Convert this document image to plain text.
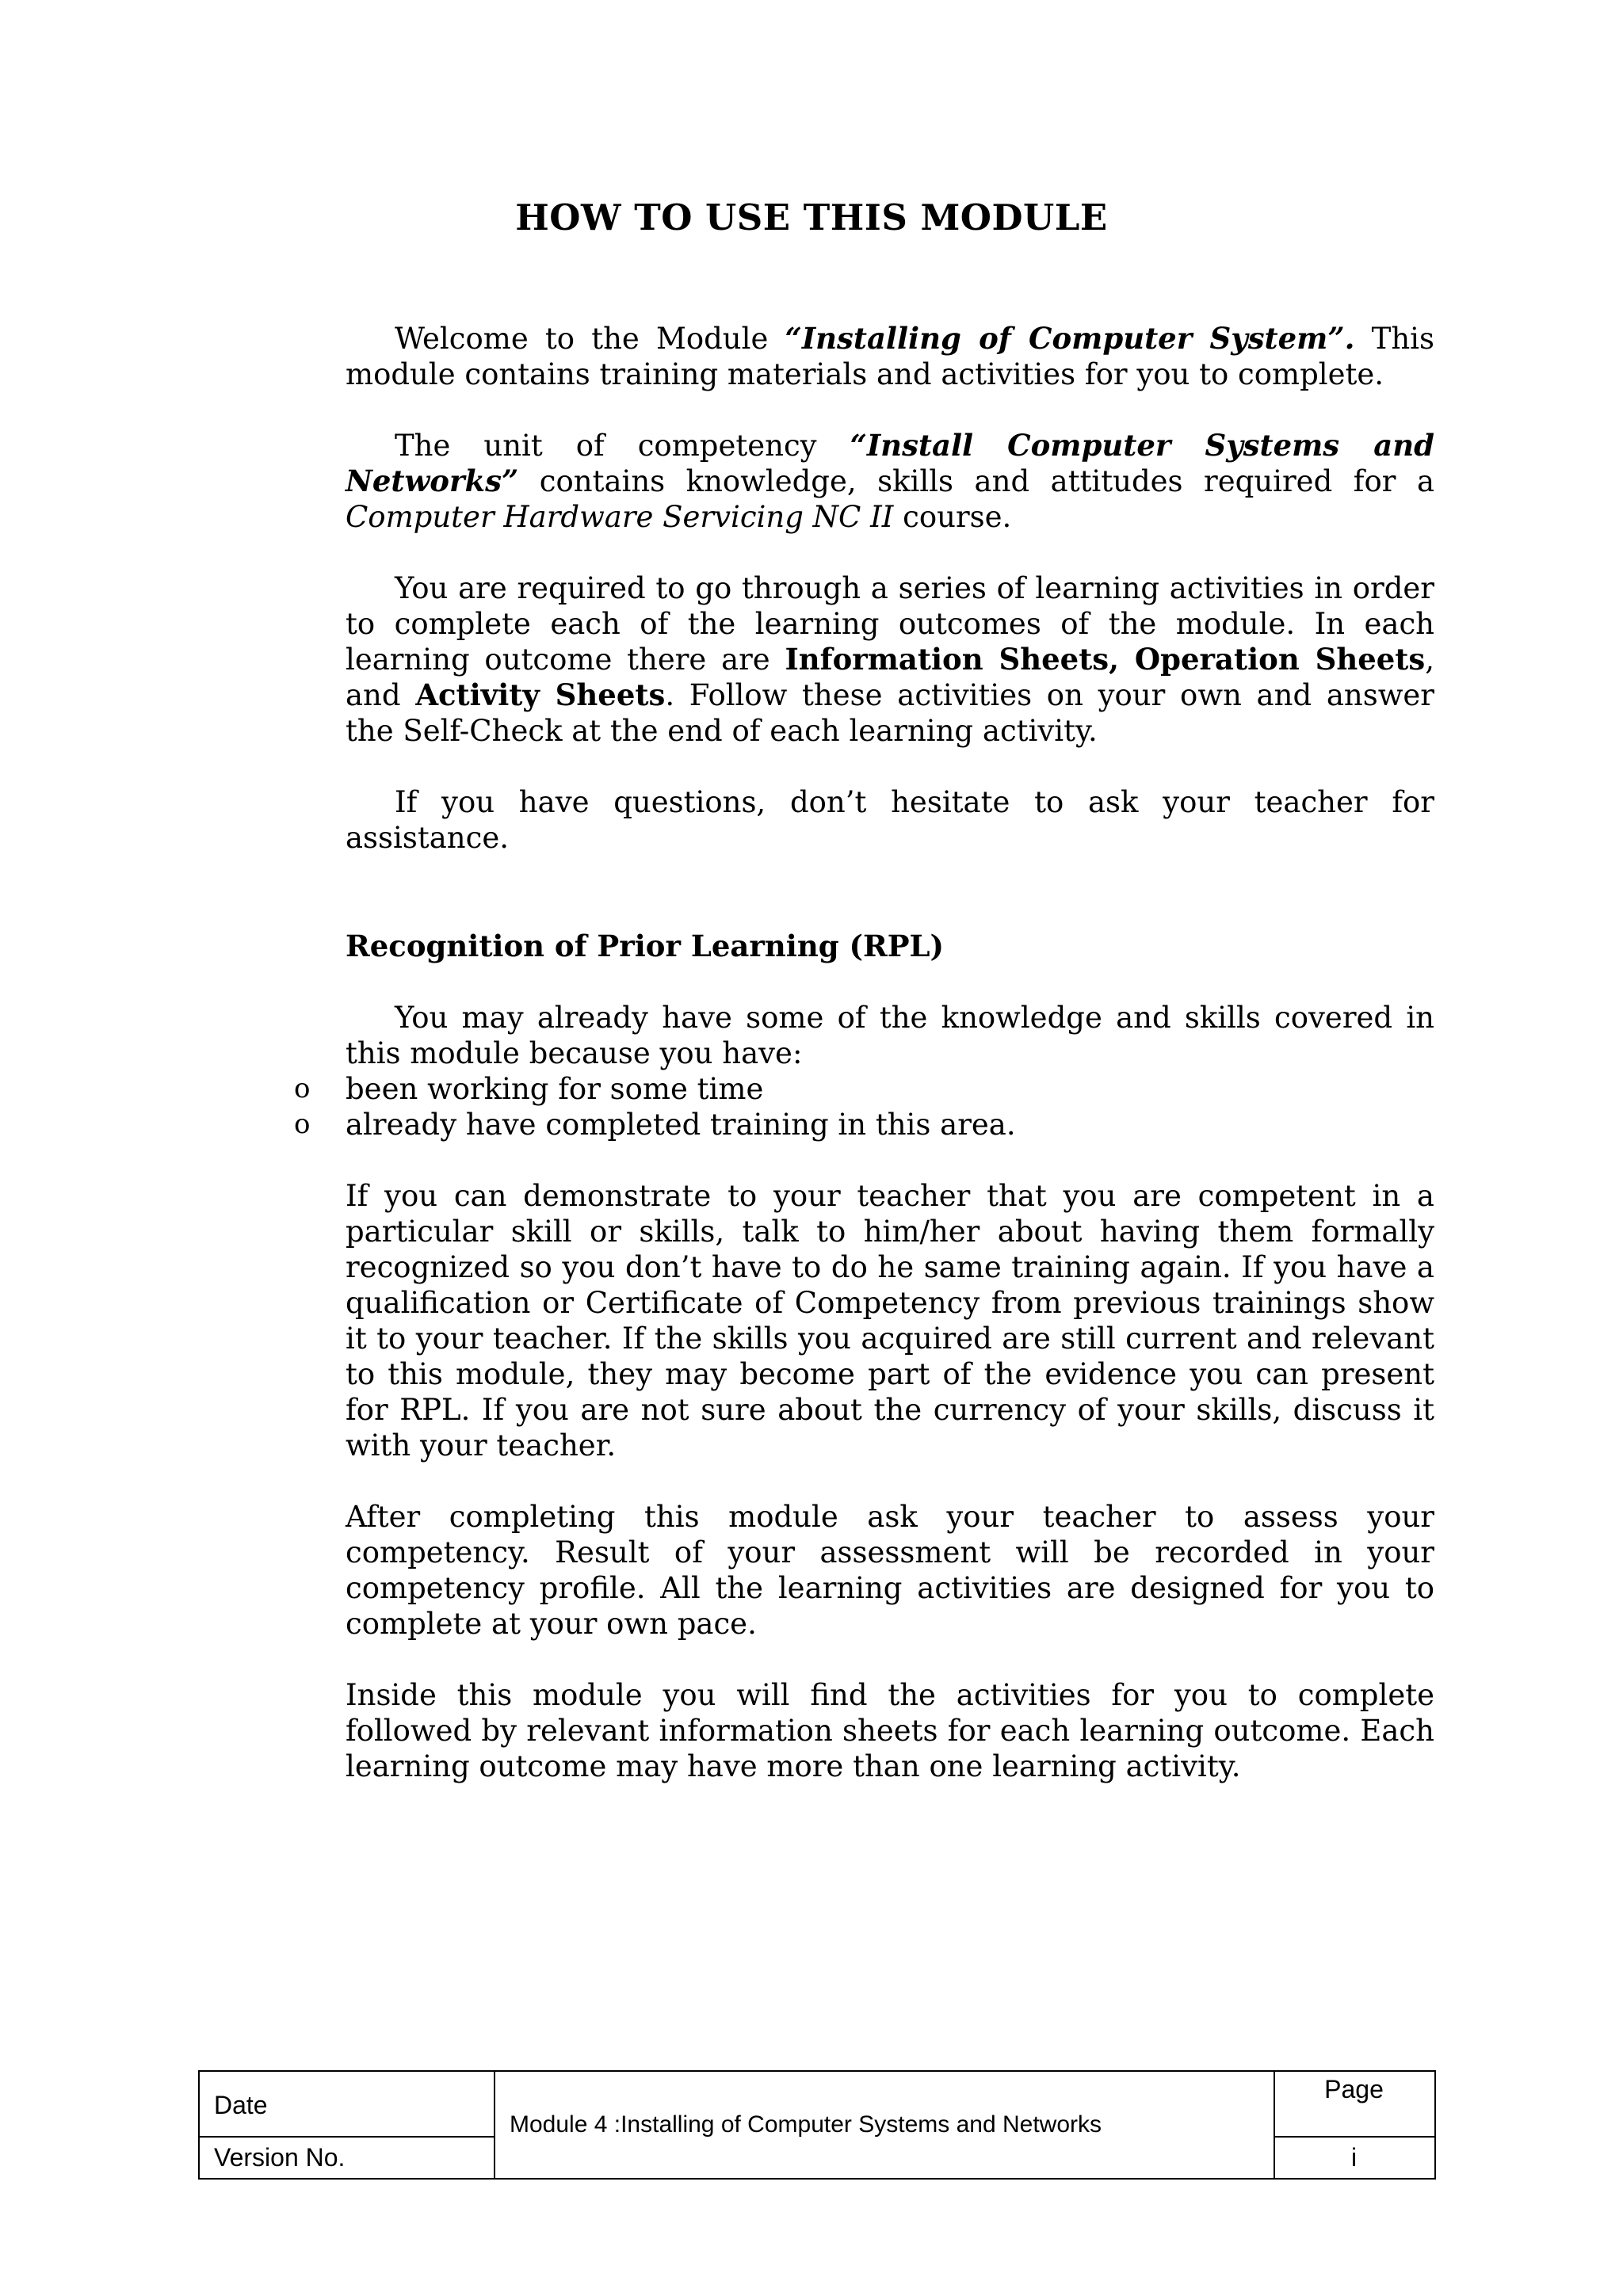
HOW TO USE THIS MODULE

Welcome to the Module “Installing of Computer System”. This module contains training materials and activities for you to complete.

The unit of competency “Install Computer Systems and Networks” contains knowledge, skills and attitudes required for a Computer Hardware Servicing NC II course.

You are required to go through a series of learning activities in order to complete each of the learning outcomes of the module. In each learning outcome there are Information Sheets, Operation Sheets, and Activity Sheets. Follow these activities on your own and answer the Self-Check at the end of each learning activity.

If you have questions, don’t hesitate to ask your teacher for assistance.

Recognition of Prior Learning (RPL)

You may already have some of the knowledge and skills covered in this module because you have:

o been working for some time
o already have completed training in this area.

If you can demonstrate to your teacher that you are competent in a particular skill or skills, talk to him/her about having them formally recognized so you don’t have to do he same training again. If you have a qualification or Certificate of Competency from previous trainings show it to your teacher. If the skills you acquired are still current and relevant to this module, they may become part of the evidence you can present for RPL. If you are not sure about the currency of your skills, discuss it with your teacher.

After completing this module ask your teacher to assess your competency. Result of your assessment will be recorded in your competency profile. All the learning activities are designed for you to complete at your own pace.

Inside this module you will find the activities for you to complete followed by relevant information sheets for each learning outcome. Each learning outcome may have more than one learning activity.

Date
Version No.
Module 4 :Installing of Computer Systems and Networks
Page
i
